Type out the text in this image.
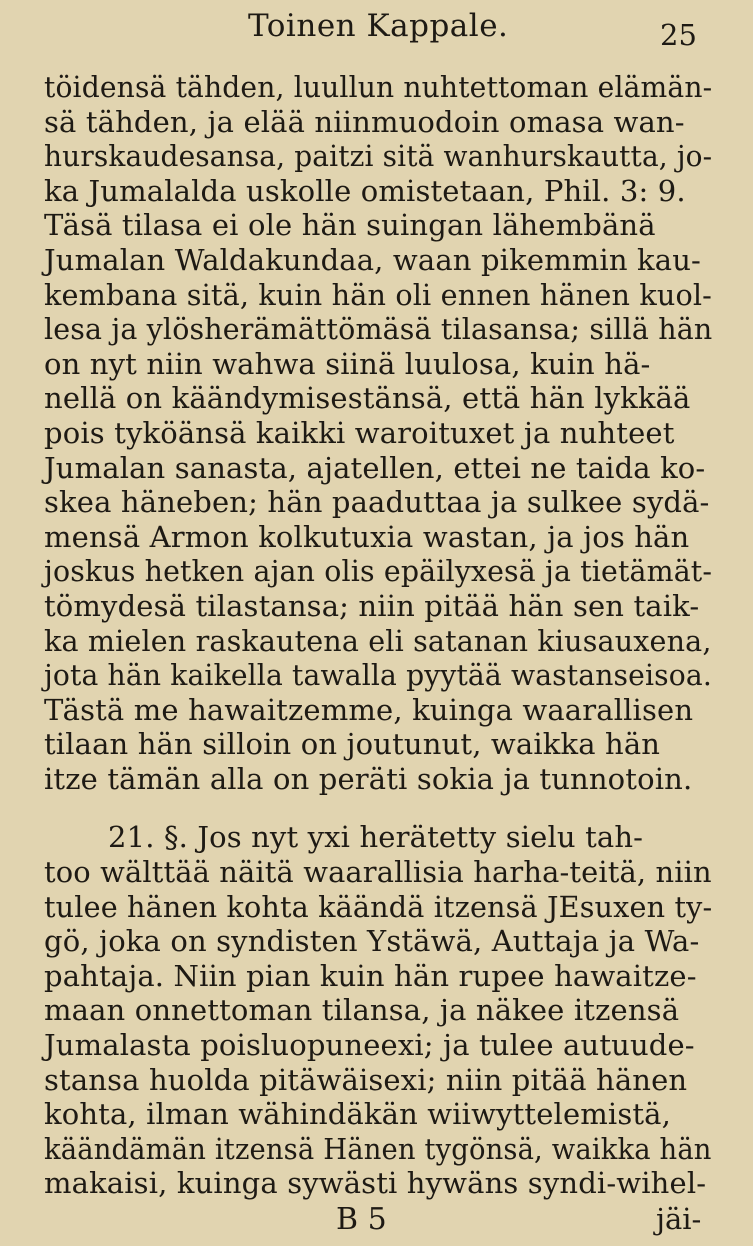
Toinen Kappale.	25
töidensä tähden, luullun nuhtettoman elämän-
sä tähden, ja elää niinmuodoin omasa wan-
hurskaudesansa, paitzi sitä wanhurskautta, jo-
ka Jumalalda uskolle omistetaan, Phil. 3: 9.
Täsä tilasa ei ole hän suingan lähembänä
Jumalan Waldakundaa, waan pikemmin kau-
kembana sitä, kuin hän oli ennen hänen kuol-
lesa ja ylösherämättömäsä tilasansa; sillä hän
on nyt niin wahwa siinä luulosa, kuin hä-
nellä on käändymisestänsä, että hän lykkää
pois tyköänsä kaikki waroituxet ja nuhteet
Jumalan sanasta, ajatellen, ettei ne taida ko-
skea häneben; hän paaduttaa ja sulkee sydä-
mensä Armon kolkutuxia wastan, ja jos hän
joskus hetken ajan olis epäilyxesä ja tietämät-
tömydesä tilastansa; niin pitää hän sen taik-
ka mielen raskautena eli satanan kiusauxena,
jota hän kaikella tawalla pyytää wastanseisoa.
Tästä me hawaitzemme, kuinga waarallisen
tilaan hän silloin on joutunut, waikka hän
itze tämän alla on peräti sokia ja tunnotoin.
21. §. Jos nyt yxi herätetty sielu tah-
too wälttää näitä waarallisia harha-teitä, niin
tulee hänen kohta käändä itzensä JEsuxen ty-
gö, joka on syndisten Ystäwä, Auttaja ja Wa-
pahtaja. Niin pian kuin hän rupee hawaitze-
maan onnettoman tilansa, ja näkee itzensä
Jumalasta poisluopuneexi; ja tulee autuude-
stansa huolda pitäwäisexi; niin pitää hänen
kohta, ilman wähindäkän wiiwyttelemistä,
käändämän itzensä Hänen tygönsä, waikka hän
makaisi, kuinga sywästi hywäns syndi-wihel-
B 5	jäi-
